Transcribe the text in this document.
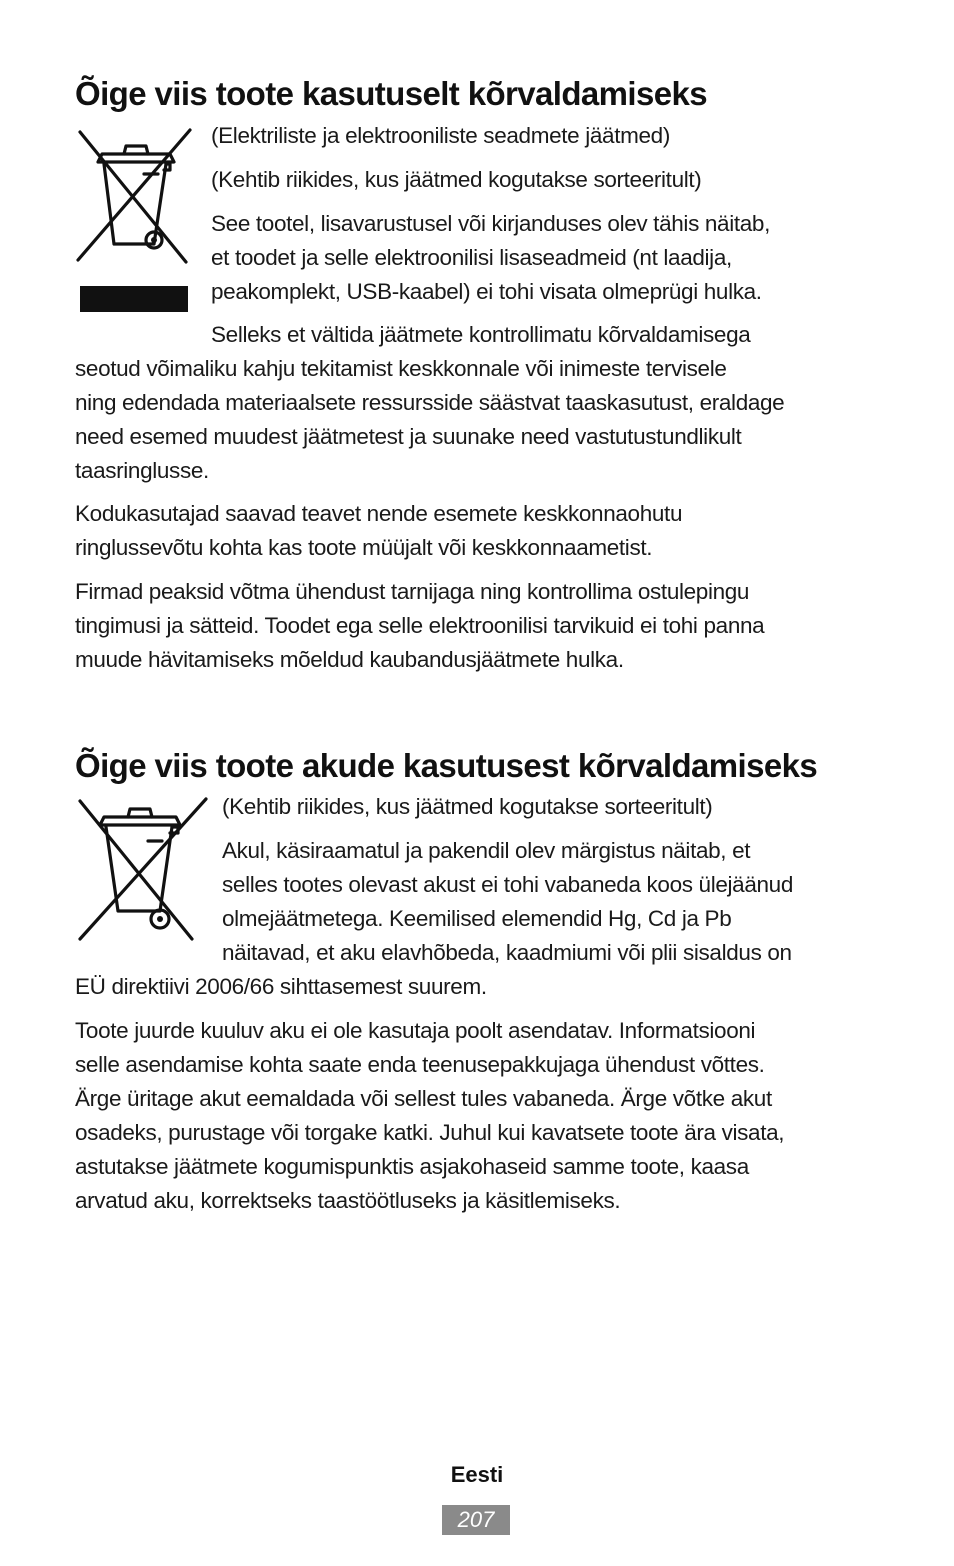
Õige viis toote kasutuselt kõrvaldamiseks

(Elektriliste ja elektrooniliste seadmete jäätmed)

(Kehtib riikides, kus jäätmed kogutakse sorteeritult)

See tootel, lisavarustusel või kirjanduses olev tähis näitab,

et toodet ja selle elektroonilisi lisaseadmeid (nt laadija,

peakomplekt, USB-kaabel) ei tohi visata olmeprügi hulka.

Selleks et vältida jäätmete kontrollimatu kõrvaldamisega

seotud võimaliku kahju tekitamist keskkonnale või inimeste tervisele

ning edendada materiaalsete ressursside säästvat taaskasutust, eraldage

need esemed muudest jäätmetest ja suunake need vastutustundlikult

taasringlusse.

Kodukasutajad saavad teavet nende esemete keskkonnaohutu

ringlussevõtu kohta kas toote müüjalt või keskkonnaametist.

Firmad peaksid võtma ühendust tarnijaga ning kontrollima ostulepingu

tingimusi ja sätteid. Toodet ega selle elektroonilisi tarvikuid ei tohi panna

muude hävitamiseks mõeldud kaubandusjäätmete hulka.

Õige viis toote akude kasutusest kõrvaldamiseks

(Kehtib riikides, kus jäätmed kogutakse sorteeritult)

Akul, käsiraamatul ja pakendil olev märgistus näitab, et

selles tootes olevast akust ei tohi vabaneda koos ülejäänud

olmejäätmetega. Keemilised elemendid Hg, Cd ja Pb

näitavad, et aku elavhõbeda, kaadmiumi või plii sisaldus on

EÜ direktiivi 2006/66 sihttasemest suurem.

Toote juurde kuuluv aku ei ole kasutaja poolt asendatav. Informatsiooni

selle asendamise kohta saate enda teenusepakkujaga ühendust võttes.

Ärge üritage akut eemaldada või sellest tules vabaneda. Ärge võtke akut

osadeks, purustage või torgake katki. Juhul kui kavatsete toote ära visata,

astutakse jäätmete kogumispunktis asjakohaseid samme toote, kaasa

arvatud aku, korrektseks taastöötluseks ja käsitlemiseks.

Eesti
207
